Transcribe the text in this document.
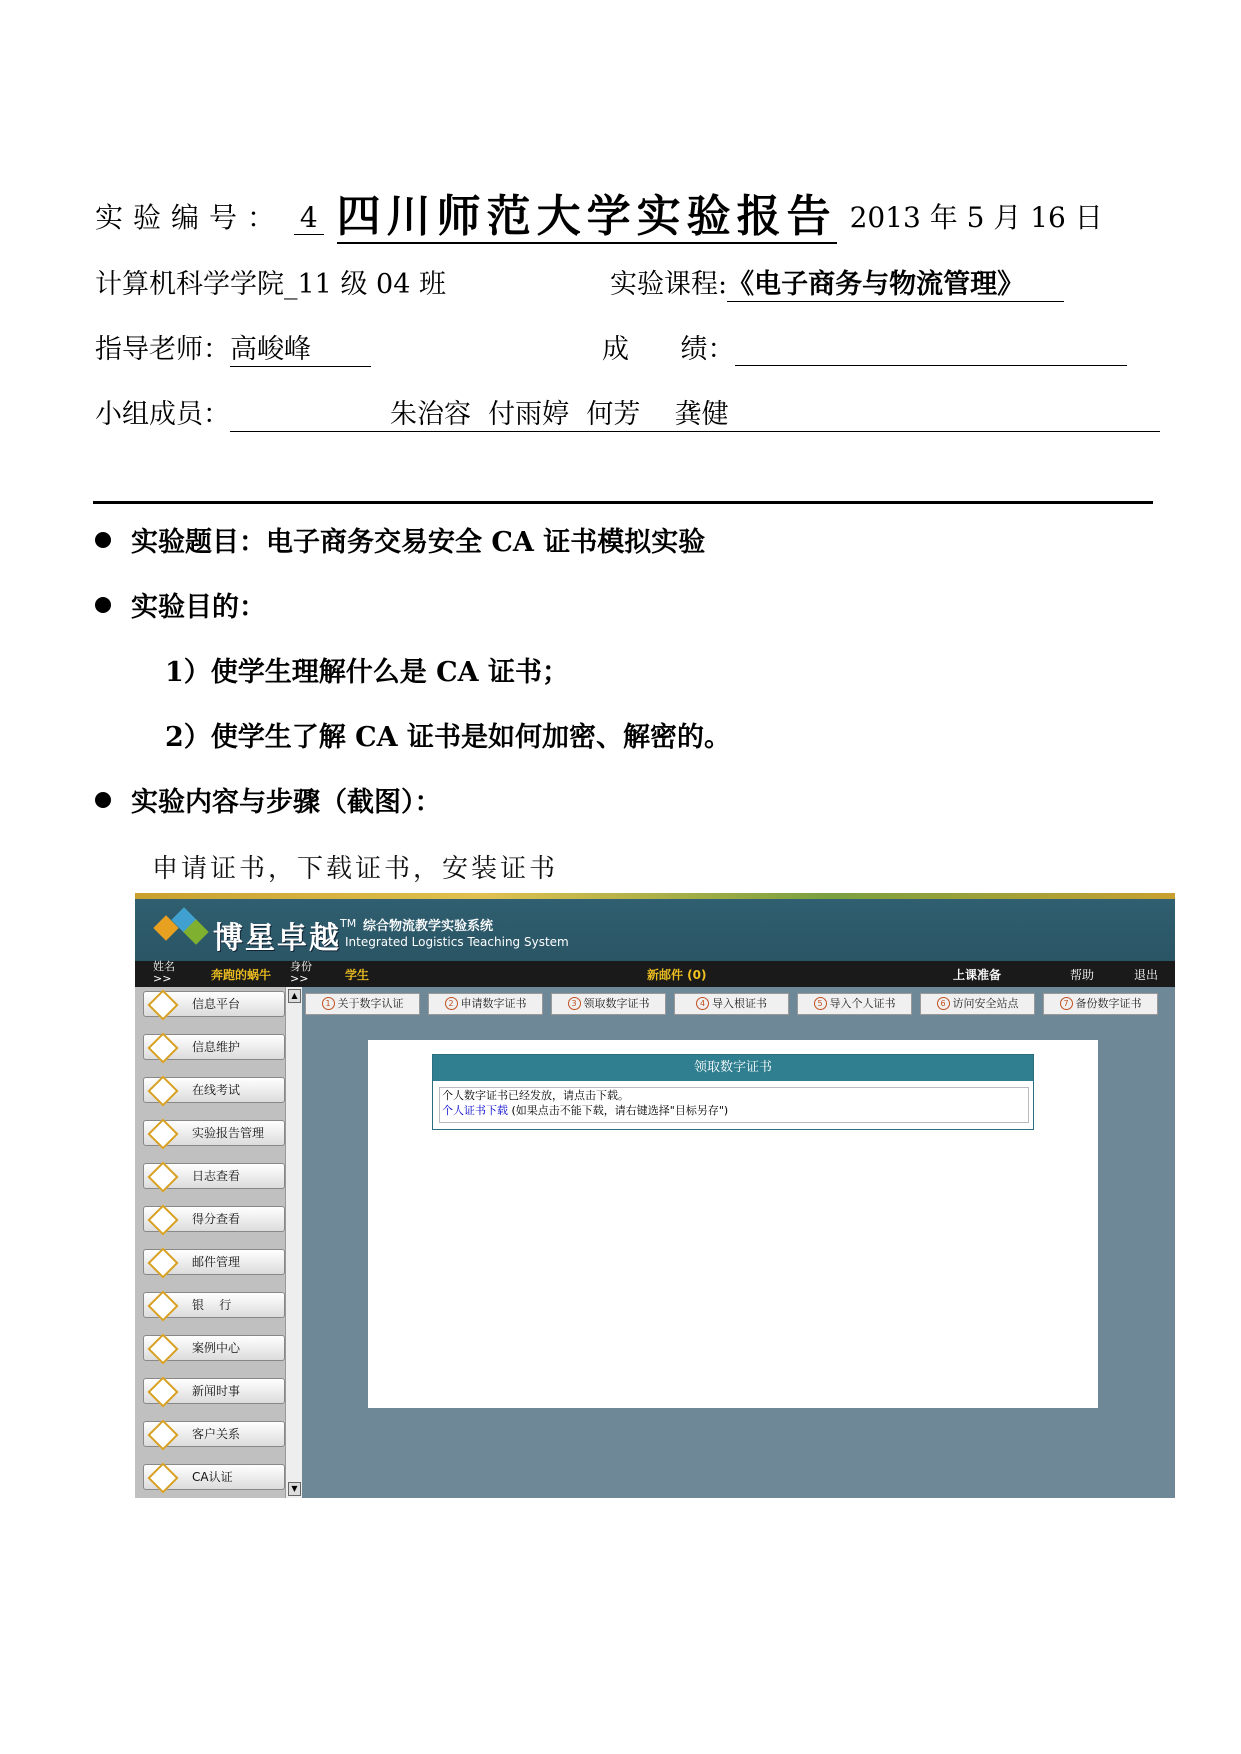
实验编号： 4 四川师范大学实验报告 2013 年 5 月 16 日
计算机科学学院_11 级 04 班	实验课程:《电子商务与物流管理》
指导老师：高峻峰	成      绩：
小组成员：	朱治容  付雨婷  何芳    龚健
实验题目：电子商务交易安全 CA 证书模拟实验
实验目的：
1）使学生理解什么是 CA 证书；
2）使学生了解 CA 证书是如何加密、解密的。
实验内容与步骤（截图）：
申请证书，下载证书，安装证书
博星卓越 TM 综合物流教学实验系统
Integrated Logistics Teaching System
姓名 >>	奔跑的蜗牛
身份 >>	学生	新邮件 (0)	上课准备	帮助	退出
1 关于数字认证	2 申请数字证书	3 领取数字证书	4 导入根证书	5 导入个人证书	6 访问安全站点	7 备份数字证书
信息平台
信息维护
在线考试
实验报告管理
日志查看
得分查看
邮件管理
银    行
案例中心
新闻时事
客户关系
CA认证
▲
▼
领取数字证书
个人数字证书已经发放，请点击下载。
个人证书下载 (如果点击不能下载，请右键选择"目标另存")
